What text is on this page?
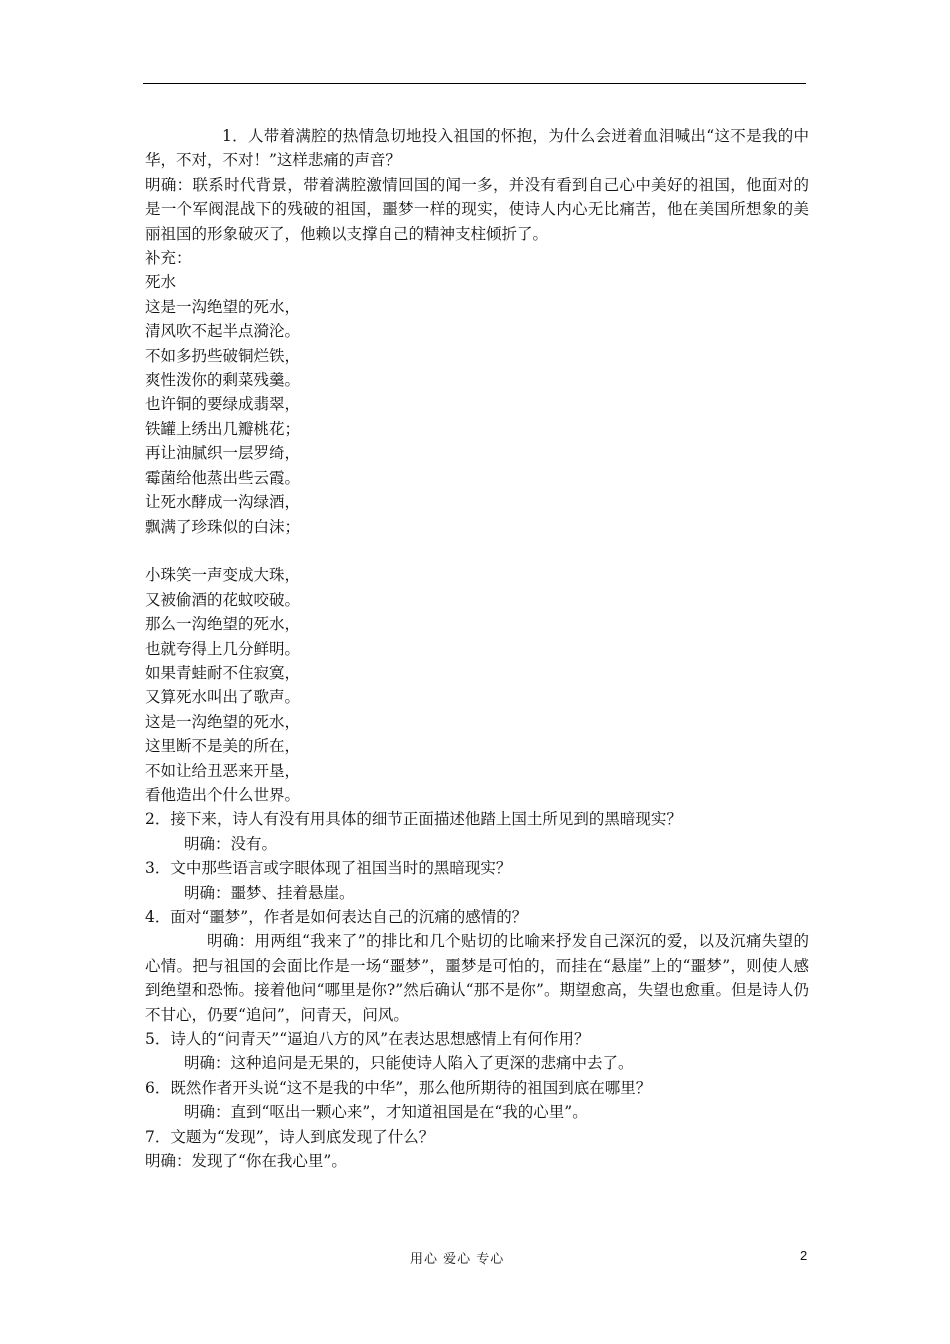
1．人带着满腔的热情急切地投入祖国的怀抱，为什么会迸着血泪喊出“这不是我的中华，不对，不对！”这样悲痛的声音？

明确：联系时代背景，带着满腔激情回国的闻一多，并没有看到自己心中美好的祖国，他面对的是一个军阀混战下的残破的祖国，噩梦一样的现实，使诗人内心无比痛苦，他在美国所想象的美丽祖国的形象破灭了，他赖以支撑自己的精神支柱倾折了。

补充：

死水
这是一沟绝望的死水，
清风吹不起半点漪沦。
不如多扔些破铜烂铁，
爽性泼你的剩菜残羹。
也许铜的要绿成翡翠，
铁罐上绣出几瓣桃花；
再让油腻织一层罗绮，
霉菌给他蒸出些云霞。
让死水酵成一沟绿酒，
飘满了珍珠似的白沫；
小珠笑一声变成大珠，
又被偷酒的花蚊咬破。
那么一沟绝望的死水，
也就夸得上几分鲜明。
如果青蛙耐不住寂寞，
又算死水叫出了歌声。
这是一沟绝望的死水，
这里断不是美的所在，
不如让给丑恶来开垦，
看他造出个什么世界。

2．接下来，诗人有没有用具体的细节正面描述他踏上国土所见到的黑暗现实？

明确：没有。

3．文中那些语言或字眼体现了祖国当时的黑暗现实？

明确：噩梦、挂着悬崖。

4．面对“噩梦”，作者是如何表达自己的沉痛的感情的？

明确：用两组“我来了”的排比和几个贴切的比喻来抒发自己深沉的爱，以及沉痛失望的心情。把与祖国的会面比作是一场“噩梦”，噩梦是可怕的，而挂在“悬崖”上的“噩梦”，则使人感到绝望和恐怖。接着他问“哪里是你?”然后确认“那不是你”。期望愈高，失望也愈重。但是诗人仍不甘心，仍要“追问”，问青天，问风。

5．诗人的“问青天”“逼迫八方的风”在表达思想感情上有何作用？

明确：这种追问是无果的，只能使诗人陷入了更深的悲痛中去了。

6．既然作者开头说“这不是我的中华”，那么他所期待的祖国到底在哪里？

明确：直到“呕出一颗心来”，才知道祖国是在“我的心里”。

7．文题为“发现”，诗人到底发现了什么？

明确：发现了“你在我心里”。

用心 爱心 专心	2
